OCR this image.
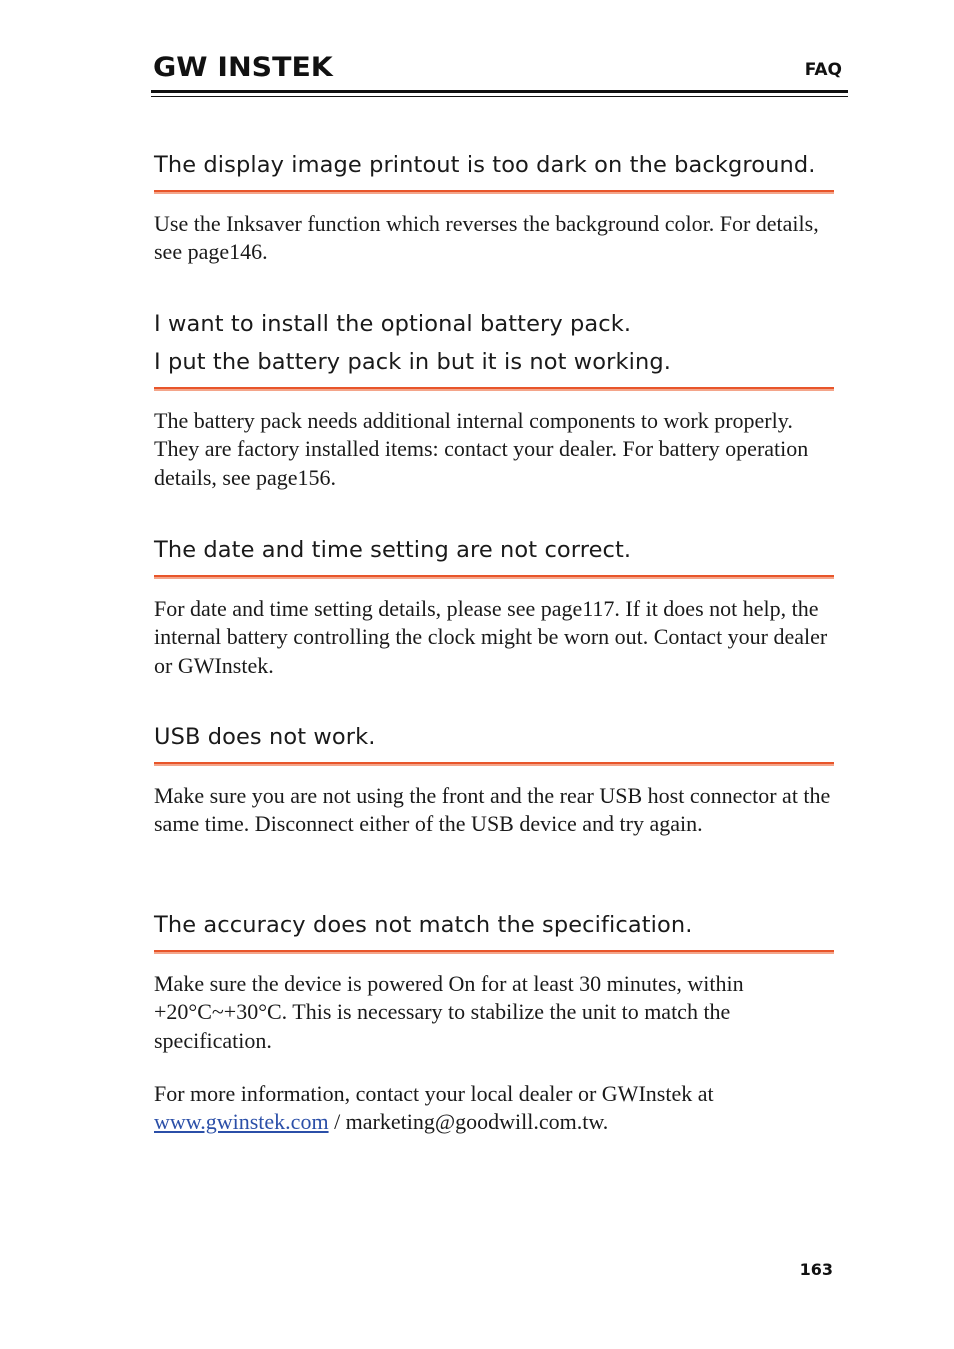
GW INSTEK	FAQ
The display image printout is too dark on the background.
Use the Inksaver function which reverses the background color. For details, see page146.
I want to install the optional battery pack.
I put the battery pack in but it is not working.
The battery pack needs additional internal components to work properly. They are factory installed items: contact your dealer. For battery operation details, see page156.
The date and time setting are not correct.
For date and time setting details, please see page117. If it does not help, the internal battery controlling the clock might be worn out. Contact your dealer or GWInstek.
USB does not work.
Make sure you are not using the front and the rear USB host connector at the same time. Disconnect either of the USB device and try again.
The accuracy does not match the specification.
Make sure the device is powered On for at least 30 minutes, within +20°C~+30°C. This is necessary to stabilize the unit to match the specification.
For more information, contact your local dealer or GWInstek at
www.gwinstek.com / marketing@goodwill.com.tw.
163
